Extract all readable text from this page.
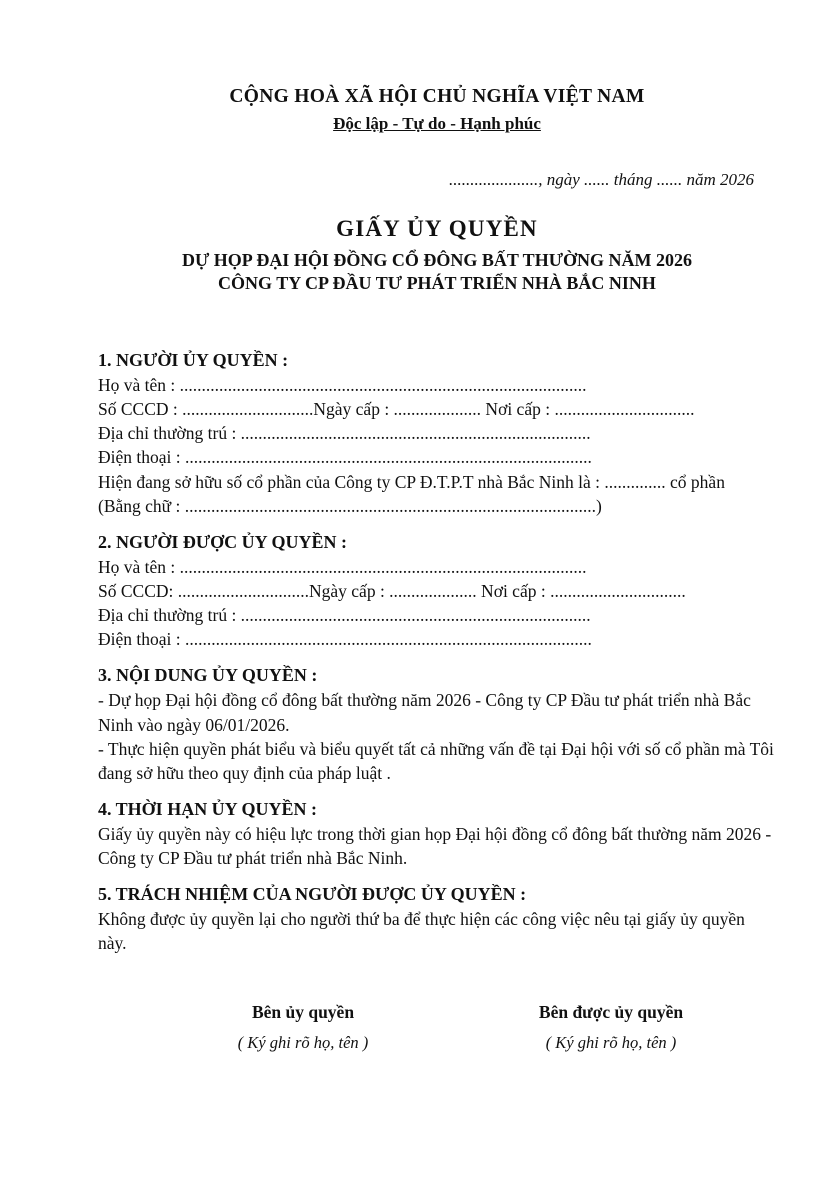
CỘNG HOÀ XÃ HỘI CHỦ NGHĨA VIỆT NAM
Độc lập - Tự do - Hạnh phúc
....................., ngày ...... tháng ...... năm 2026
GIẤY ỦY QUYỀN
DỰ HỌP ĐẠI HỘI ĐỒNG CỔ ĐÔNG BẤT THƯỜNG NĂM 2026
CÔNG TY CP ĐẦU TƯ PHÁT TRIỂN NHÀ BẮC NINH
1. NGƯỜI ỦY QUYỀN :

Họ và tên : .............................................................................................

Số CCCD : ..............................Ngày cấp : .................... Nơi cấp : ................................

Địa chỉ thường trú : ................................................................................

Điện thoại : .............................................................................................

Hiện đang sở hữu số cổ phần của Công ty CP Đ.T.P.T nhà Bắc Ninh là : .............. cổ phần

(Bằng chữ : ..............................................................................................)

2. NGƯỜI ĐƯỢC ỦY QUYỀN :

Họ và tên : .............................................................................................

Số CCCD: ..............................Ngày cấp : .................... Nơi cấp : ...............................

Địa chỉ thường trú : ................................................................................

Điện thoại : .............................................................................................

3. NỘI DUNG ỦY QUYỀN :

- Dự họp Đại hội đồng cổ đông bất thường năm 2026 - Công ty CP Đầu tư phát triển nhà Bắc Ninh vào ngày 06/01/2026.

- Thực hiện quyền phát biểu và biểu quyết tất cả những vấn đề tại Đại hội với số cổ phần mà Tôi đang sở hữu theo quy định của pháp luật .

4. THỜI HẠN ỦY QUYỀN :

Giấy ủy quyền này có hiệu lực trong thời gian họp Đại hội đồng cổ đông bất thường năm 2026 - Công ty CP Đầu tư phát triển nhà Bắc Ninh.

5. TRÁCH NHIỆM CỦA NGƯỜI ĐƯỢC ỦY QUYỀN :

Không được ủy quyền lại cho người thứ ba để thực hiện các công việc nêu tại giấy ủy quyền này.

Bên ủy quyền
( Ký ghi rõ họ, tên )
Bên được ủy quyền
( Ký ghi rõ họ, tên )
